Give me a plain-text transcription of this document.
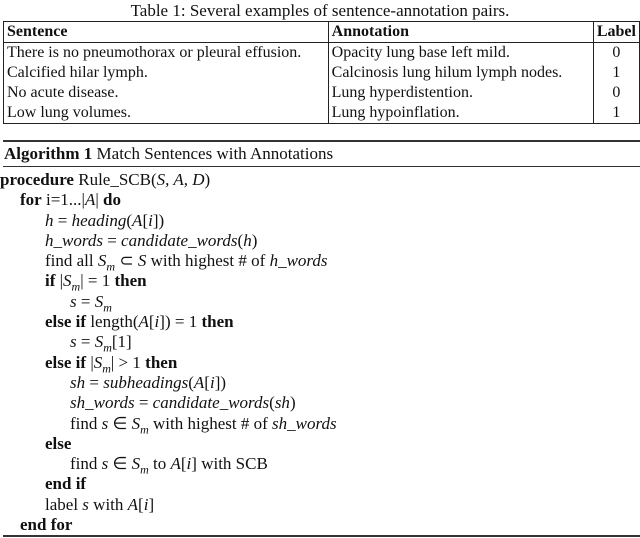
Table 1: Several examples of sentence-annotation pairs.
Sentence	Annotation	Label
There is no pneumothorax or pleural effusion.	Opacity lung base left mild.	0
Calcified hilar lymph.	Calcinosis lung hilum lymph nodes.	1
No acute disease.	Lung hyperdistention.	0
Low lung volumes.	Lung hypoinflation.	1
Algorithm 1 Match Sentences with Annotations
procedure Rule_SCB(S, A, D)
for i=1...|A| do
h = heading(A[i])
h_words = candidate_words(h)
find all $S_m$ ⊂ S with highest # of h_words
if $|S_m| = 1$ then
$s = S_m$
else if length(A[i]) = 1 then
$s = S_m[1]$
else if $|S_m| > 1$ then
sh = subheadings(A[i])
sh_words = candidate_words(sh)
find s ∈ $S_m$ with highest # of sh_words
else
find s ∈ $S_m$ to A[i] with SCB
end if
label s with A[i]
end for
